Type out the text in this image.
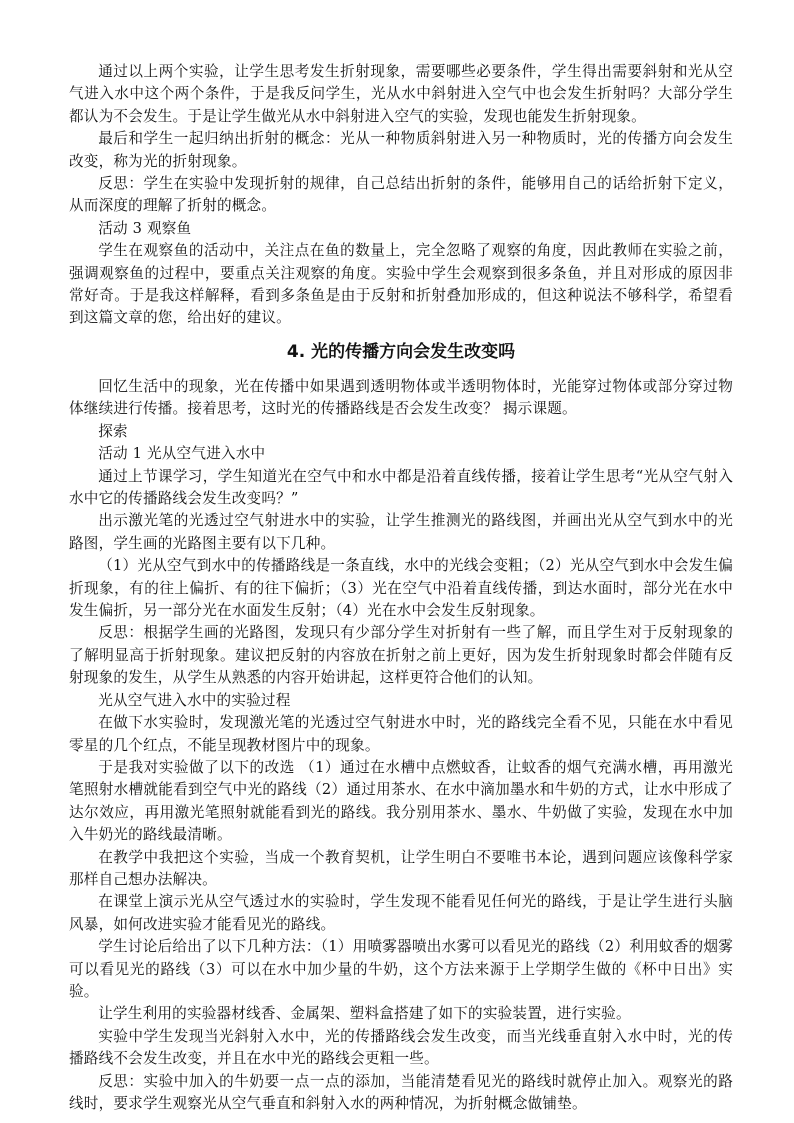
通过以上两个实验，让学生思考发生折射现象，需要哪些必要条件，学生得出需要斜射和光从空气进入水中这个两个条件，于是我反问学生，光从水中斜射进入空气中也会发生折射吗？大部分学生都认为不会发生。于是让学生做光从水中斜射进入空气的实验，发现也能发生折射现象。

最后和学生一起归纳出折射的概念：光从一种物质斜射进入另一种物质时，光的传播方向会发生改变，称为光的折射现象。

反思：学生在实验中发现折射的规律，自己总结出折射的条件，能够用自己的话给折射下定义，从而深度的理解了折射的概念。

活动 3 观察鱼

学生在观察鱼的活动中，关注点在鱼的数量上，完全忽略了观察的角度，因此教师在实验之前，强调观察鱼的过程中，要重点关注观察的角度。实验中学生会观察到很多条鱼，并且对形成的原因非常好奇。于是我这样解释，看到多条鱼是由于反射和折射叠加形成的，但这种说法不够科学，希望看到这篇文章的您，给出好的建议。

4. 光的传播方向会发生改变吗

回忆生活中的现象，光在传播中如果遇到透明物体或半透明物体时，光能穿过物体或部分穿过物体继续进行传播。接着思考，这时光的传播路线是否会发生改变？ 揭示课题。

探索

活动 1 光从空气进入水中

通过上节课学习，学生知道光在空气中和水中都是沿着直线传播，接着让学生思考“光从空气射入水中它的传播路线会发生改变吗？”

出示激光笔的光透过空气射进水中的实验，让学生推测光的路线图，并画出光从空气到水中的光路图，学生画的光路图主要有以下几种。

（1）光从空气到水中的传播路线是一条直线，水中的光线会变粗；（2）光从空气到水中会发生偏折现象，有的往上偏折、有的往下偏折；（3）光在空气中沿着直线传播，到达水面时，部分光在水中发生偏折，另一部分光在水面发生反射；（4）光在水中会发生反射现象。

反思：根据学生画的光路图，发现只有少部分学生对折射有一些了解，而且学生对于反射现象的了解明显高于折射现象。建议把反射的内容放在折射之前上更好，因为发生折射现象时都会伴随有反射现象的发生，从学生从熟悉的内容开始讲起，这样更符合他们的认知。

光从空气进入水中的实验过程

在做下水实验时，发现激光笔的光透过空气射进水中时，光的路线完全看不见，只能在水中看见零星的几个红点，不能呈现教材图片中的现象。

于是我对实验做了以下的改选 （1）通过在水槽中点燃蚊香，让蚊香的烟气充满水槽，再用激光笔照射水槽就能看到空气中光的路线（2）通过用茶水、在水中滴加墨水和牛奶的方式，让水中形成了达尔效应，再用激光笔照射就能看到光的路线。我分别用茶水、墨水、牛奶做了实验，发现在水中加入牛奶光的路线最清晰。

在教学中我把这个实验，当成一个教育契机，让学生明白不要唯书本论，遇到问题应该像科学家那样自己想办法解决。

在课堂上演示光从空气透过水的实验时，学生发现不能看见任何光的路线，于是让学生进行头脑风暴，如何改进实验才能看见光的路线。

学生讨论后给出了以下几种方法：（1）用喷雾器喷出水雾可以看见光的路线（2）利用蚊香的烟雾可以看见光的路线（3）可以在水中加少量的牛奶，这个方法来源于上学期学生做的《杯中日出》实验。

让学生利用的实验器材线香、金属架、塑料盒搭建了如下的实验装置，进行实验。

实验中学生发现当光斜射入水中，光的传播路线会发生改变，而当光线垂直射入水中时，光的传播路线不会发生改变，并且在水中光的路线会更粗一些。

反思：实验中加入的牛奶要一点一点的添加，当能清楚看见光的路线时就停止加入。观察光的路线时，要求学生观察光从空气垂直和斜射入水的两种情况，为折射概念做铺垫。
